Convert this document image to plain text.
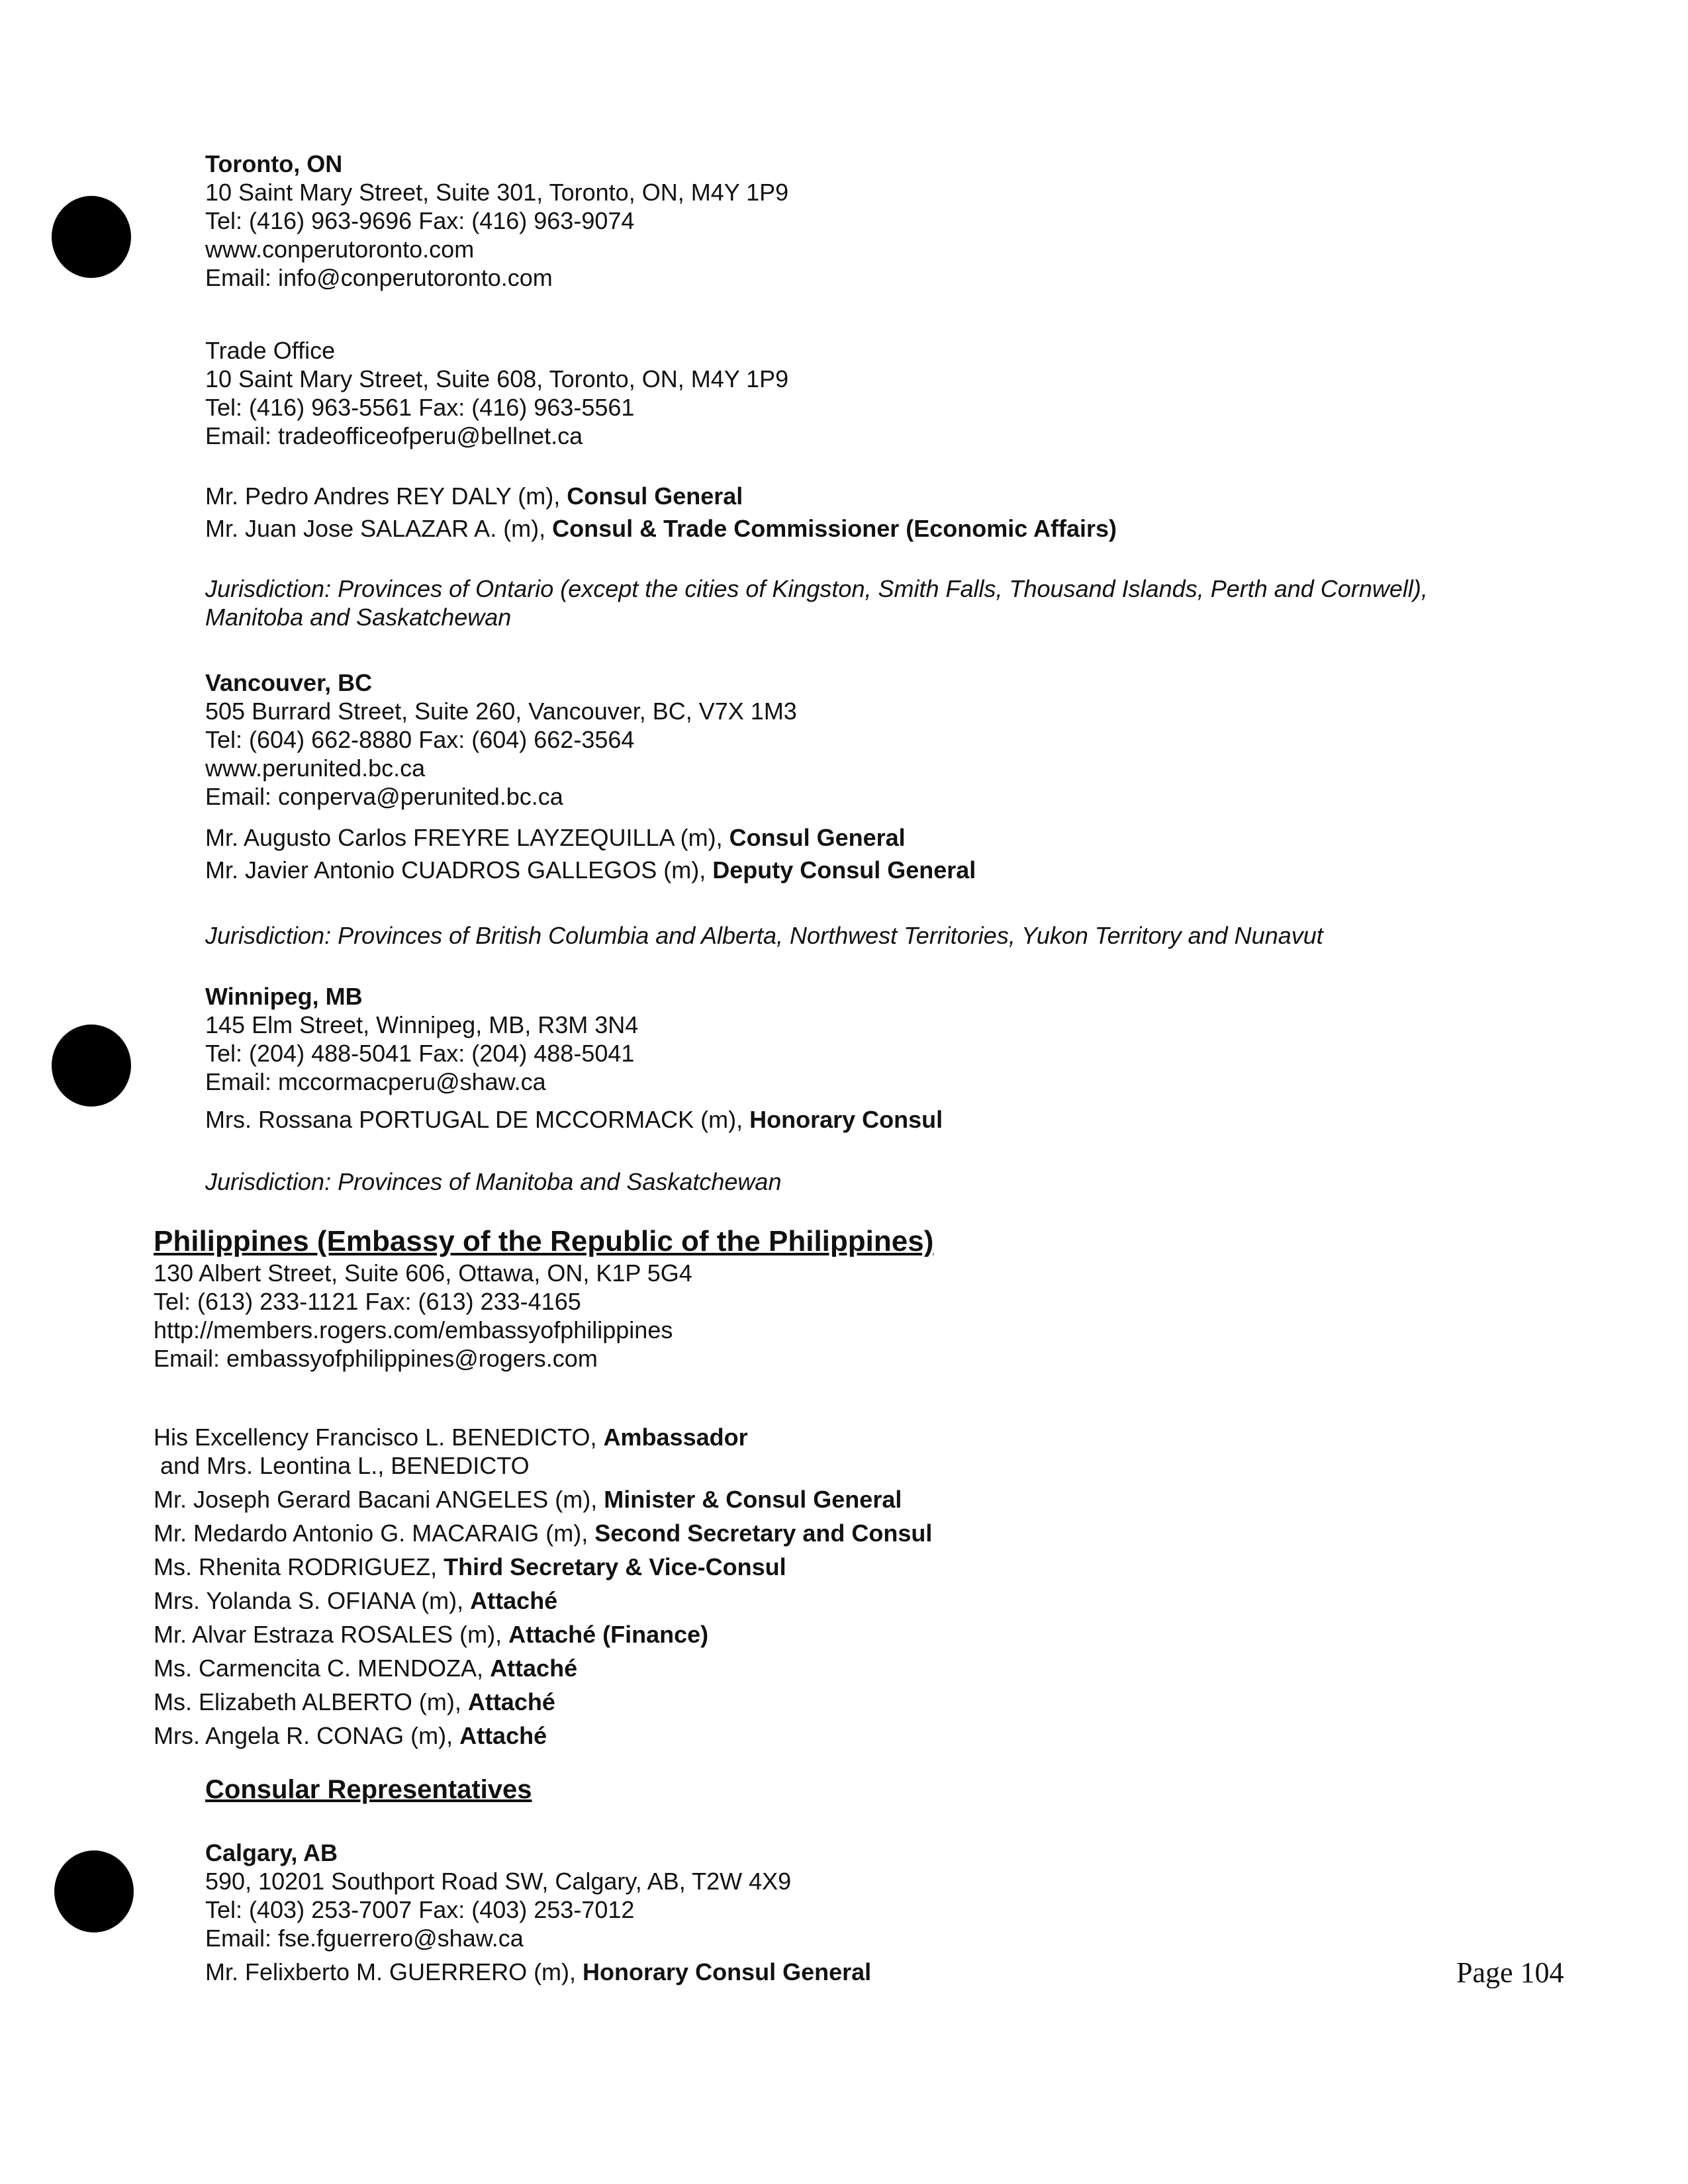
Toronto, ON
10 Saint Mary Street, Suite 301, Toronto, ON, M4Y 1P9
Tel: (416) 963-9696 Fax: (416) 963-9074
www.conperutoronto.com
Email: info@conperutoronto.com
Trade Office
10 Saint Mary Street, Suite 608, Toronto, ON, M4Y 1P9
Tel: (416) 963-5561 Fax: (416) 963-5561
Email: tradeofficeofperu@bellnet.ca
Mr. Pedro Andres REY DALY (m), Consul General
Mr. Juan Jose SALAZAR A. (m), Consul & Trade Commissioner (Economic Affairs)
Jurisdiction: Provinces of Ontario (except the cities of Kingston, Smith Falls, Thousand Islands, Perth and Cornwell),
Manitoba and Saskatchewan
Vancouver, BC
505 Burrard Street, Suite 260, Vancouver, BC, V7X 1M3
Tel: (604) 662-8880 Fax: (604) 662-3564
www.perunited.bc.ca
Email: conperva@perunited.bc.ca
Mr. Augusto Carlos FREYRE LAYZEQUILLA (m), Consul General
Mr. Javier Antonio CUADROS GALLEGOS (m), Deputy Consul General
Jurisdiction: Provinces of British Columbia and Alberta, Northwest Territories, Yukon Territory and Nunavut
Winnipeg, MB
145 Elm Street, Winnipeg, MB, R3M 3N4
Tel: (204) 488-5041 Fax: (204) 488-5041
Email: mccormacperu@shaw.ca
Mrs. Rossana PORTUGAL DE MCCORMACK (m), Honorary Consul
Jurisdiction: Provinces of Manitoba and Saskatchewan
Philippines (Embassy of the Republic of the Philippines)
130 Albert Street, Suite 606, Ottawa, ON, K1P 5G4
Tel: (613) 233-1121 Fax: (613) 233-4165
http://members.rogers.com/embassyofphilippines
Email: embassyofphilippines@rogers.com
His Excellency Francisco L. BENEDICTO, Ambassador
and Mrs. Leontina L., BENEDICTO
Mr. Joseph Gerard Bacani ANGELES (m), Minister & Consul General
Mr. Medardo Antonio G. MACARAIG (m), Second Secretary and Consul
Ms. Rhenita RODRIGUEZ, Third Secretary & Vice-Consul
Mrs. Yolanda S. OFIANA (m), Attaché
Mr. Alvar Estraza ROSALES (m), Attaché (Finance)
Ms. Carmencita C. MENDOZA, Attaché
Ms. Elizabeth ALBERTO (m), Attaché
Mrs. Angela R. CONAG (m), Attaché
Consular Representatives
Calgary, AB
590, 10201 Southport Road SW, Calgary, AB, T2W 4X9
Tel: (403) 253-7007 Fax: (403) 253-7012
Email: fse.fguerrero@shaw.ca
Mr. Felixberto M. GUERRERO (m), Honorary Consul General	Page 104
